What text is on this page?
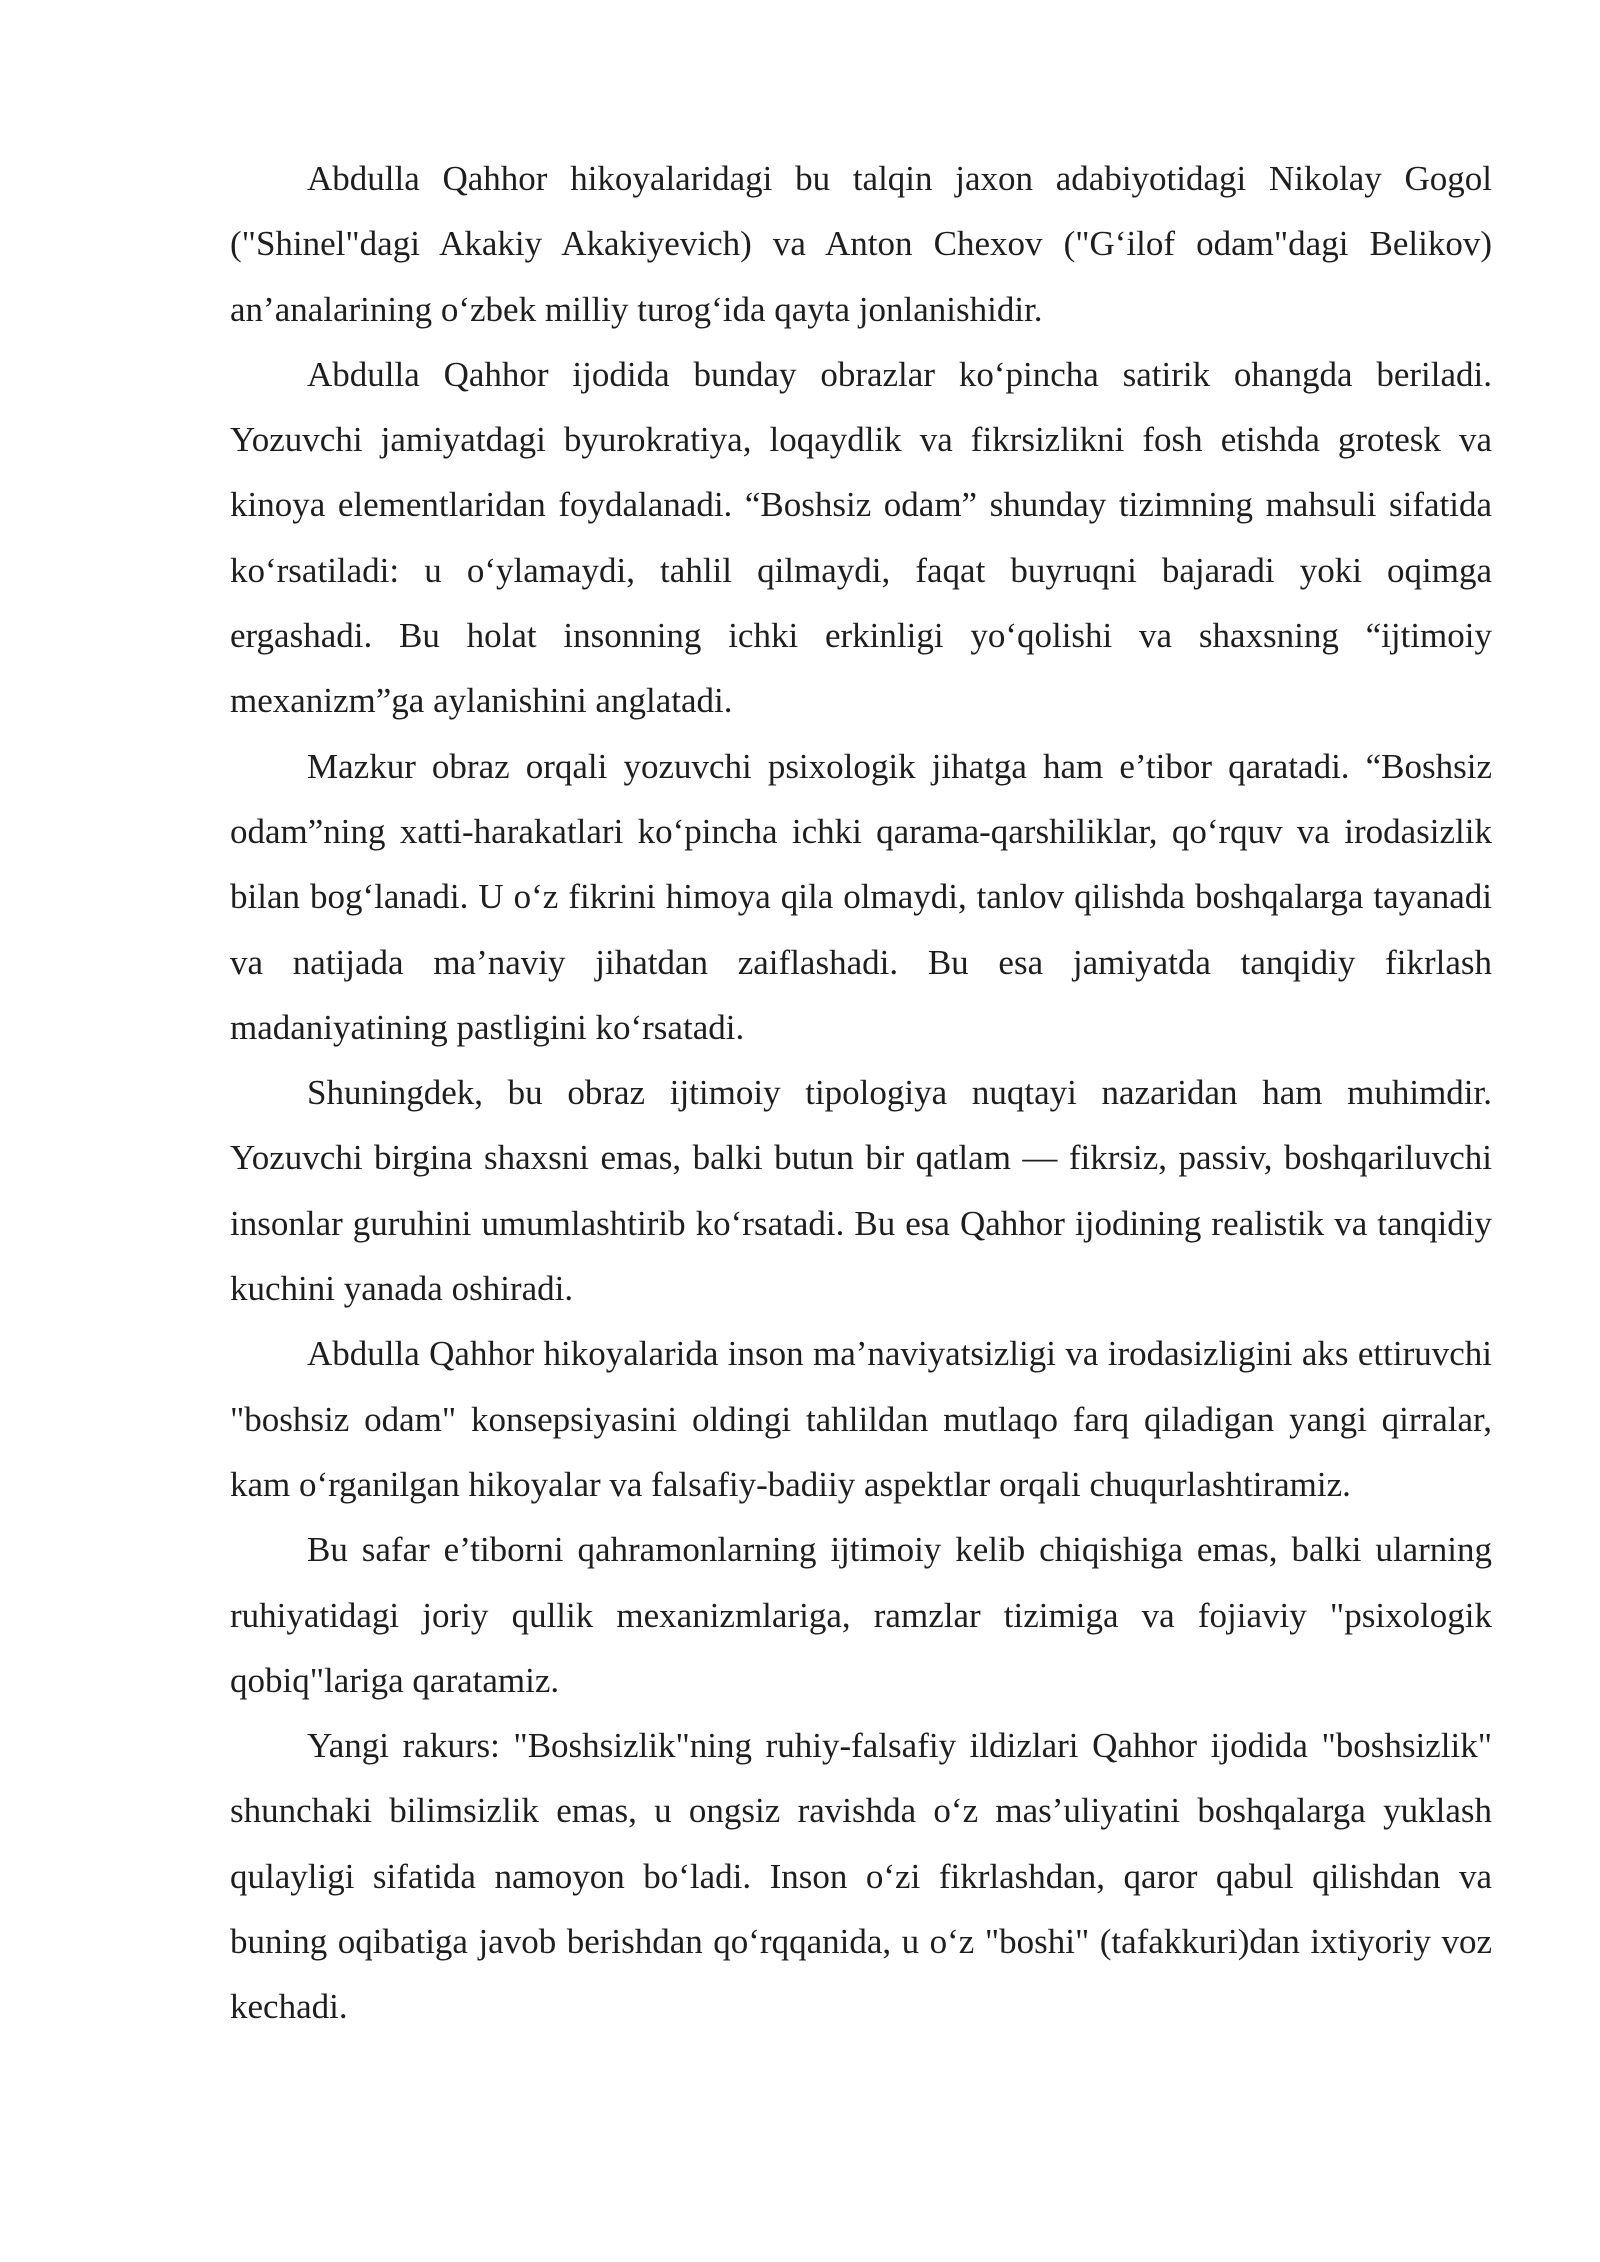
Abdulla Qahhor hikoyalaridagi bu talqin jaxon adabiyotidagi Nikolay Gogol ("Shinel"dagi Akakiy Akakiyevich) va Anton Chexov ("G‘ilof odam"dagi Belikov) an’analarining o‘zbek milliy turog‘ida qayta jonlanishidir.

Abdulla Qahhor ijodida bunday obrazlar ko‘pincha satirik ohangda beriladi. Yozuvchi jamiyatdagi byurokratiya, loqaydlik va fikrsizlikni fosh etishda grotesk va kinoya elementlaridan foydalanadi. “Boshsiz odam” shunday tizimning mahsuli sifatida ko‘rsatiladi: u o‘ylamaydi, tahlil qilmaydi, faqat buyruqni bajaradi yoki oqimga ergashadi. Bu holat insonning ichki erkinligi yo‘qolishi va shaxsning “ijtimoiy mexanizm”ga aylanishini anglatadi.

Mazkur obraz orqali yozuvchi psixologik jihatga ham e’tibor qaratadi. “Boshsiz odam”ning xatti-harakatlari ko‘pincha ichki qarama-qarshiliklar, qo‘rquv va irodasizlik bilan bog‘lanadi. U o‘z fikrini himoya qila olmaydi, tanlov qilishda boshqalarga tayanadi va natijada ma’naviy jihatdan zaiflashadi. Bu esa jamiyatda tanqidiy fikrlash madaniyatining pastligini ko‘rsatadi.

Shuningdek, bu obraz ijtimoiy tipologiya nuqtayi nazaridan ham muhimdir. Yozuvchi birgina shaxsni emas, balki butun bir qatlam — fikrsiz, passiv, boshqariluvchi insonlar guruhini umumlashtirib ko‘rsatadi. Bu esa Qahhor ijodining realistik va tanqidiy kuchini yanada oshiradi.

Abdulla Qahhor hikoyalarida inson ma’naviyatsizligi va irodasizligini aks ettiruvchi "boshsiz odam" konsepsiyasini oldingi tahlildan mutlaqo farq qiladigan yangi qirralar, kam o‘rganilgan hikoyalar va falsafiy-badiiy aspektlar orqali chuqurlashtiramiz.

Bu safar e’tiborni qahramonlarning ijtimoiy kelib chiqishiga emas, balki ularning ruhiyatidagi joriy qullik mexanizmlariga, ramzlar tizimiga va fojiaviy "psixologik qobiq"lariga qaratamiz.

Yangi rakurs: "Boshsizlik"ning ruhiy-falsafiy ildizlari Qahhor ijodida "boshsizlik" shunchaki bilimsizlik emas, u ongsiz ravishda o‘z mas’uliyatini boshqalarga yuklash qulayligi sifatida namoyon bo‘ladi. Inson o‘zi fikrlashdan, qaror qabul qilishdan va buning oqibatiga javob berishdan qo‘rqqanida, u o‘z "boshi" (tafakkuri)dan ixtiyoriy voz kechadi.
